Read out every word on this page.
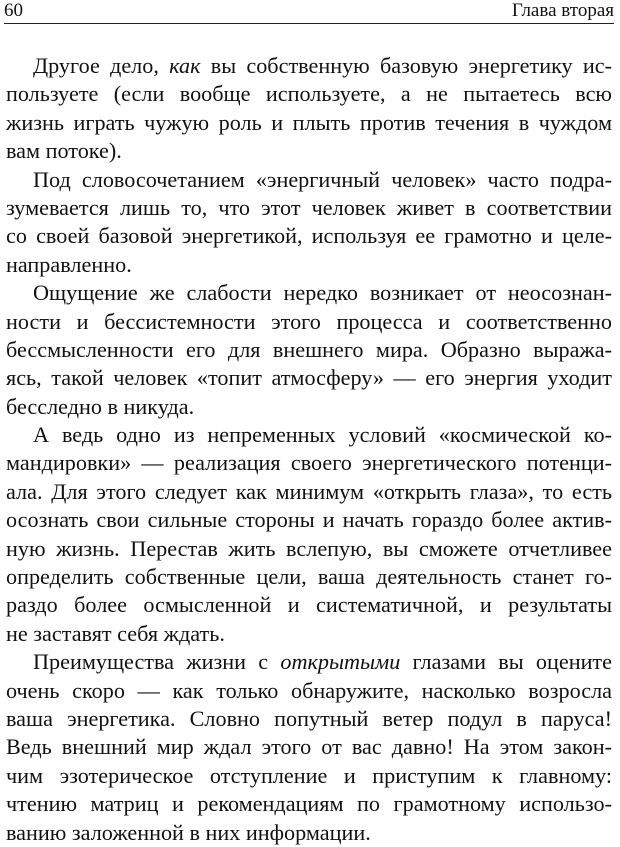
60	Глава вторая
Другое дело, как вы собственную базовую энергетику ис-
пользуете (если вообще используете, а не пытаетесь всю
жизнь играть чужую роль и плыть против течения в чуждом
вам потоке).
Под словосочетанием «энергичный человек» часто подра-
зумевается лишь то, что этот человек живет в соответствии
со своей базовой энергетикой, используя ее грамотно и целе-
направленно.
Ощущение же слабости нередко возникает от неосознан-
ности и бессистемности этого процесса и соответственно
бессмысленности его для внешнего мира. Образно выража-
ясь, такой человек «топит атмосферу» — его энергия уходит
бесследно в никуда.
А ведь одно из непременных условий «космической ко-
мандировки» — реализация своего энергетического потенци-
ала. Для этого следует как минимум «открыть глаза», то есть
осознать свои сильные стороны и начать гораздо более актив-
ную жизнь. Перестав жить вслепую, вы сможете отчетливее
определить собственные цели, ваша деятельность станет го-
раздо более осмысленной и систематичной, и результаты
не заставят себя ждать.
Преимущества жизни с открытыми глазами вы оцените
очень скоро — как только обнаружите, насколько возросла
ваша энергетика. Словно попутный ветер подул в паруса!
Ведь внешний мир ждал этого от вас давно! На этом закон-
чим эзотерическое отступление и приступим к главному:
чтению матриц и рекомендациям по грамотному использо-
ванию заложенной в них информации.
